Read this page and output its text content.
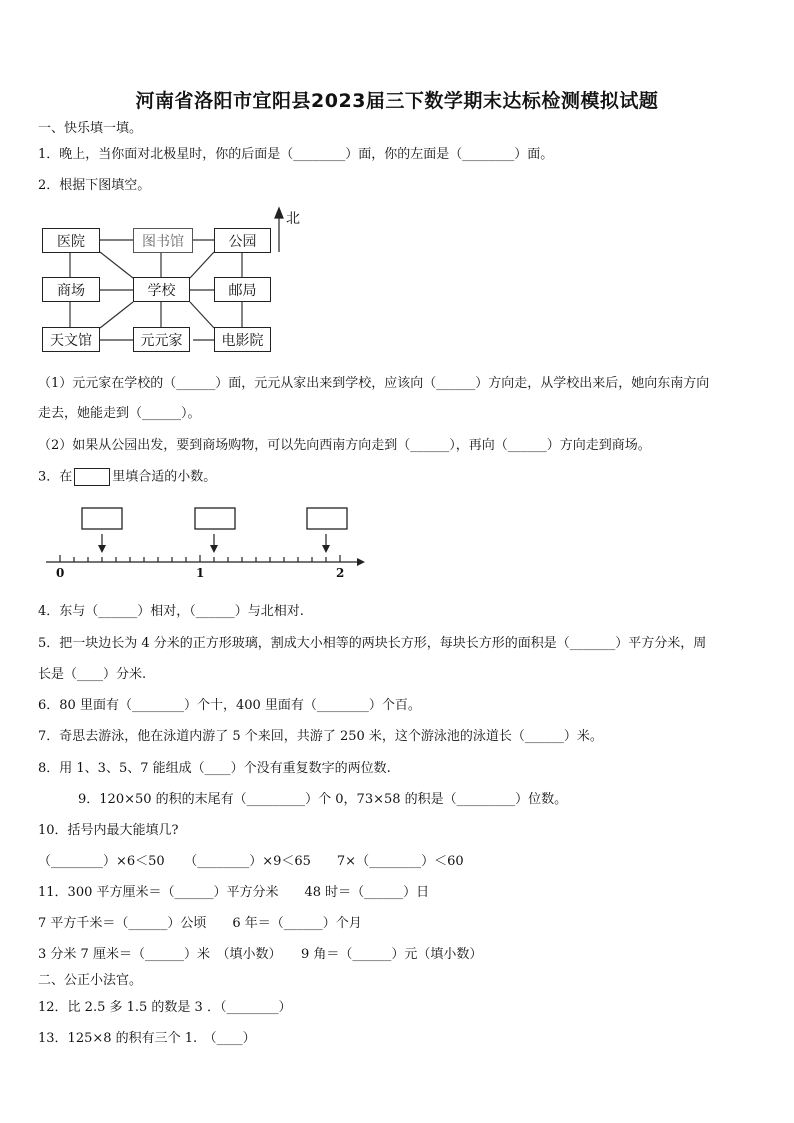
河南省洛阳市宜阳县2023届三下数学期末达标检测模拟试题
一、快乐填一填。
1．晚上，当你面对北极星时，你的后面是（________）面，你的左面是（________）面。
2．根据下图填空。
北
医院	图书馆	公园
商场	学校	邮局
天文馆	元元家	电影院
（1）元元家在学校的（______）面，元元从家出来到学校，应该向（______）方向走，从学校出来后，她向东南方向
走去，她能走到（______）。
（2）如果从公园出发，要到商场购物，可以先向西南方向走到（______），再向（______）方向走到商场。
3．在	里填合适的小数。
0	1	2
4．东与（______）相对，（______）与北相对.
5．把一块边长为 4 分米的正方形玻璃，割成大小相等的两块长方形，每块长方形的面积是（_______）平方分米，周
长是（____）分米.
6．80 里面有（________）个十，400 里面有（________）个百。
7．奇思去游泳，他在泳道内游了 5 个来回，共游了 250 米，这个游泳池的泳道长（______）米。
8．用 1、3、5、7 能组成（____）个没有重复数字的两位数.
9．120×50 的积的末尾有（_________）个 0，73×58 的积是（_________）位数。
10．括号内最大能填几?
（________）×6＜50　　（________）×9＜65　　7×（________）＜60
11．300 平方厘米＝（______）平方分米　　48 时＝（______）日
7 平方千米＝（______）公顷　　6 年＝（______）个月
3 分米 7 厘米＝（______）米　（填小数）　　9 角＝（______）元（填小数）
二、公正小法官。
12．比 2.5 多 1.5 的数是 3 ．（________）
13．125×8 的积有三个 1.　（____）
